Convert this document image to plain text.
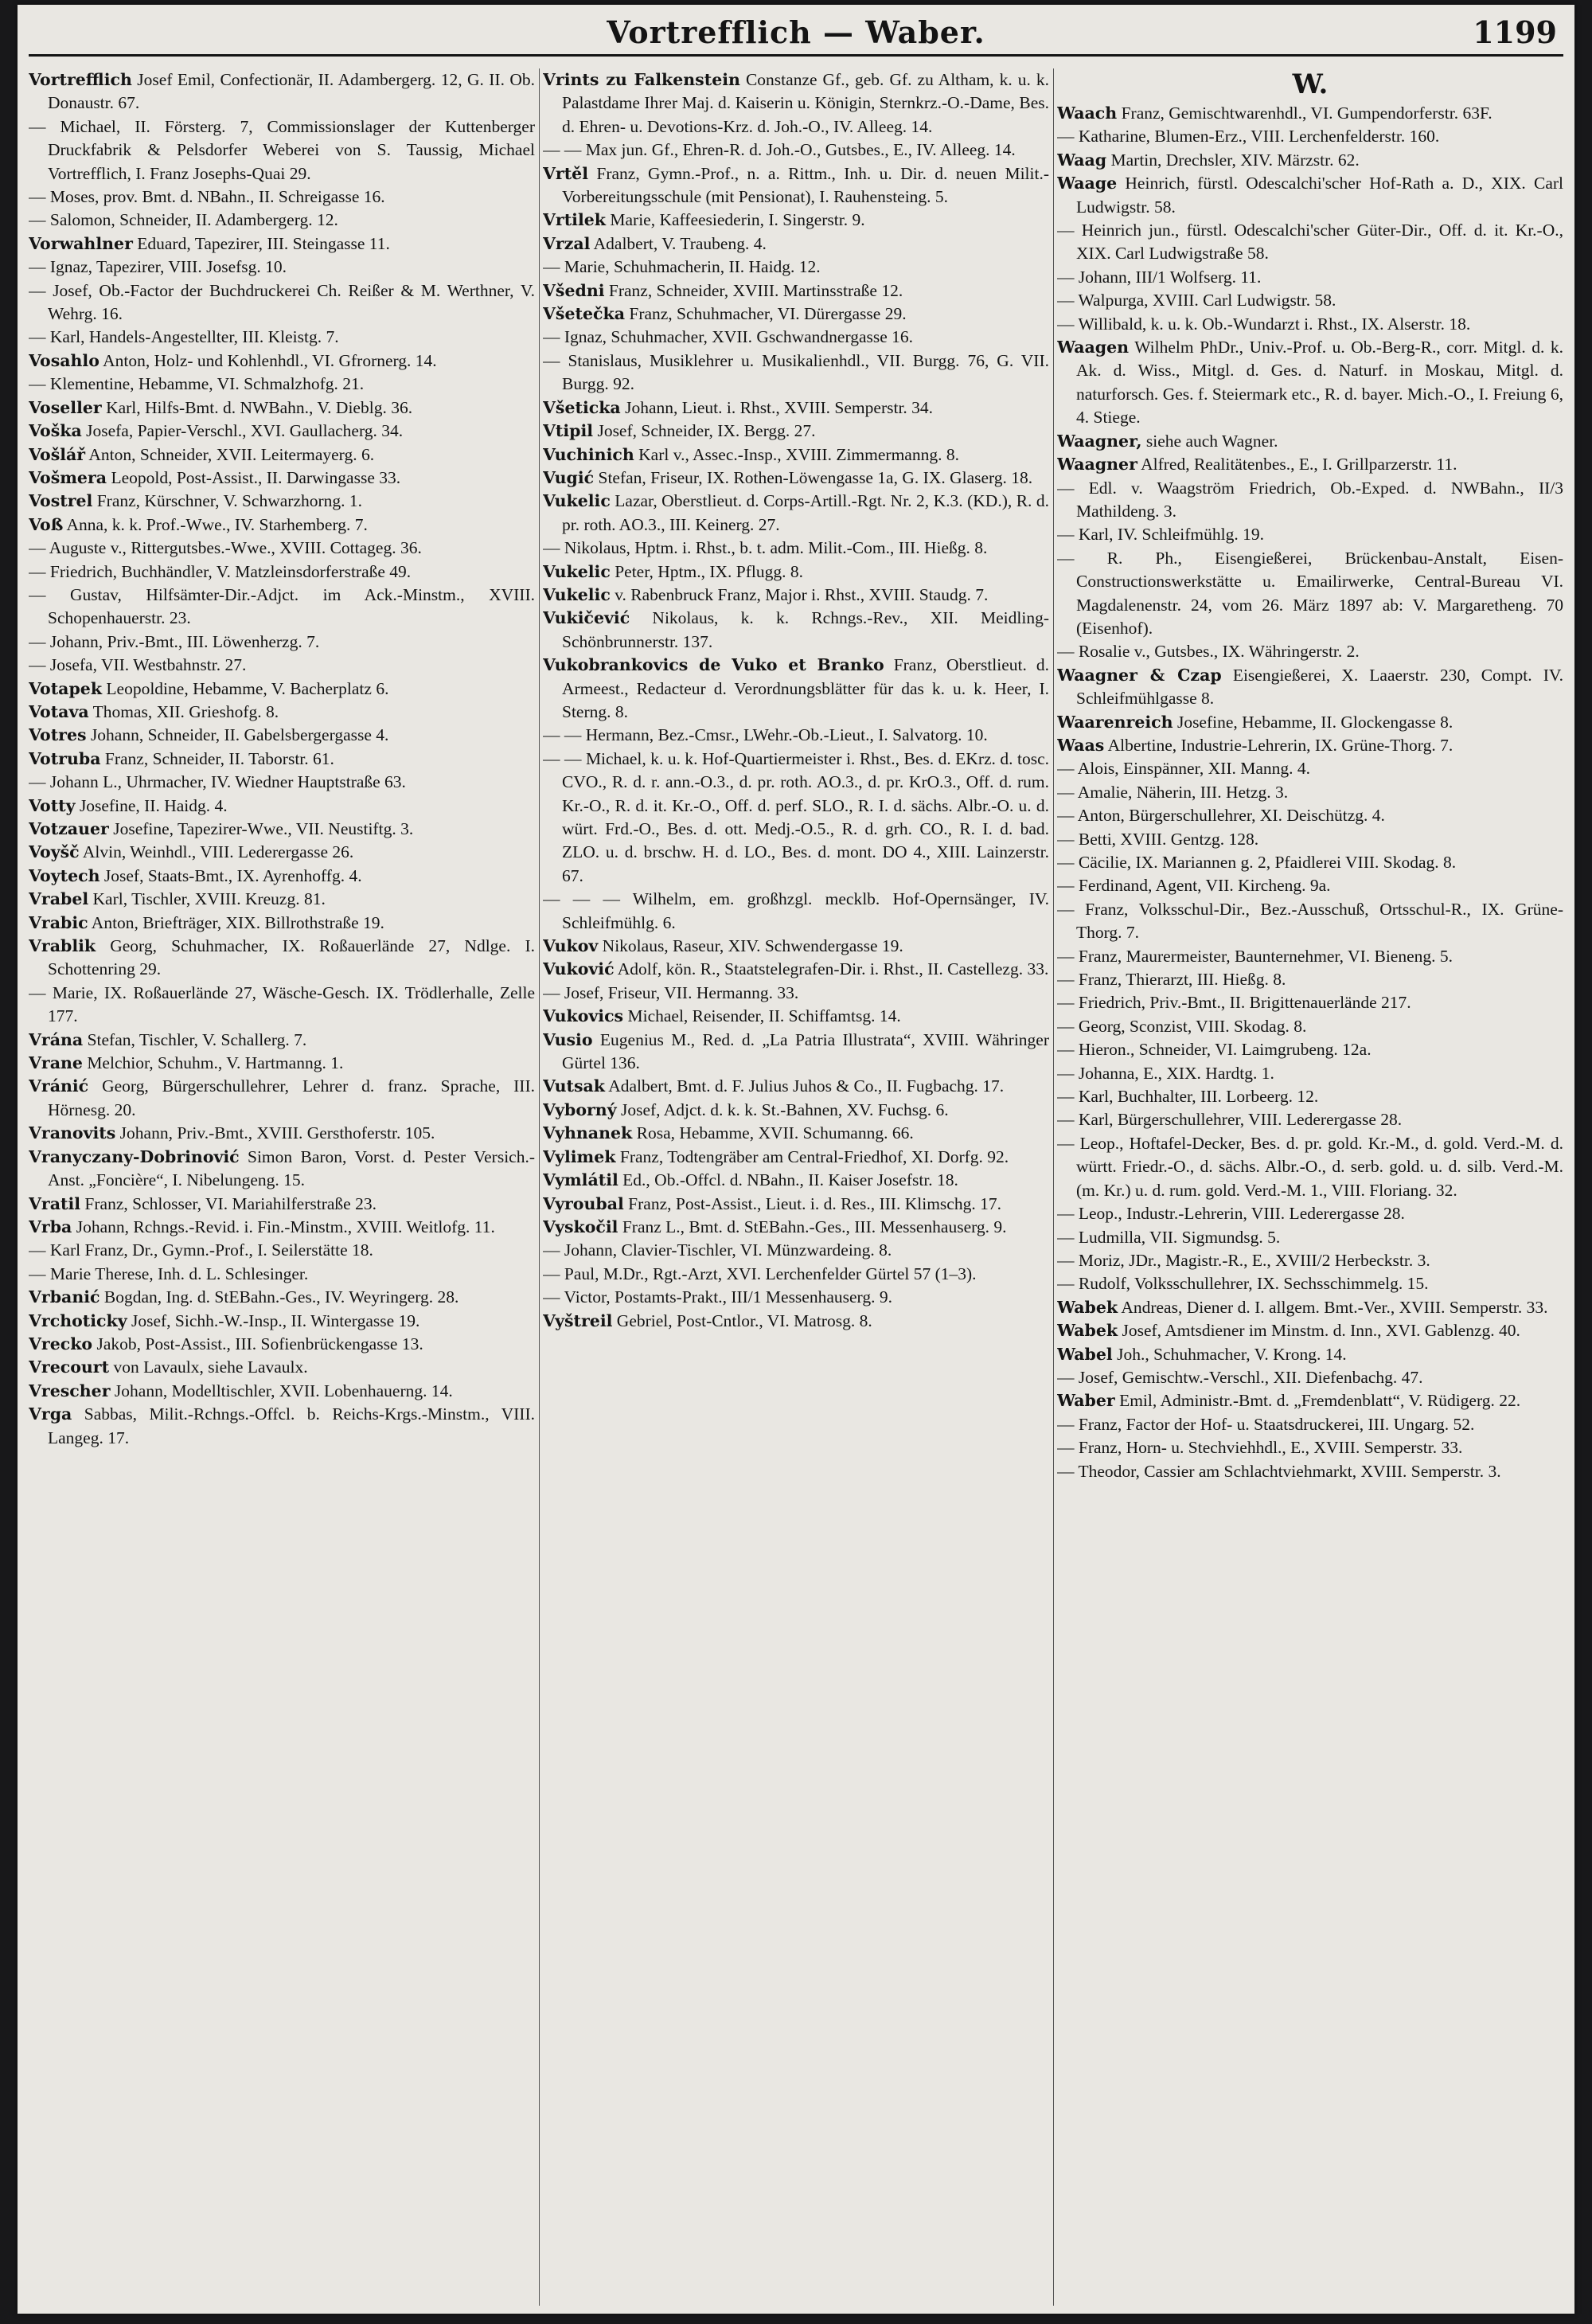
Vortrefflich — Waber.	1199

Vortrefflich Josef Emil, Confectionär, II. Adambergerg. 12, G. II. Ob. Donaustr. 67.

— Michael, II. Försterg. 7, Commissionslager der Kuttenberger Druckfabrik & Pelsdorfer Weberei von S. Taussig, Michael Vortrefflich, I. Franz Josephs-Quai 29.

— Moses, prov. Bmt. d. NBahn., II. Schreigasse 16.

— Salomon, Schneider, II. Adambergerg. 12.

Vorwahlner Eduard, Tapezirer, III. Steingasse 11.

— Ignaz, Tapezirer, VIII. Josefsg. 10.

— Josef, Ob.-Factor der Buchdruckerei Ch. Reißer & M. Werthner, V. Wehrg. 16.

— Karl, Handels-Angestellter, III. Kleistg. 7.

Vosahlo Anton, Holz- und Kohlenhdl., VI. Gfrornerg. 14.

— Klementine, Hebamme, VI. Schmalzhofg. 21.

Voseller Karl, Hilfs-Bmt. d. NWBahn., V. Dieblg. 36.

Voška Josefa, Papier-Verschl., XVI. Gaullacherg. 34.

Vošlář Anton, Schneider, XVII. Leitermayerg. 6.

Vošmera Leopold, Post-Assist., II. Darwingasse 33.

Vostrel Franz, Kürschner, V. Schwarzhorng. 1.

Voß Anna, k. k. Prof.-Wwe., IV. Starhemberg. 7.

— Auguste v., Rittergutsbes.-Wwe., XVIII. Cottageg. 36.

— Friedrich, Buchhändler, V. Matzleinsdorferstraße 49.

— Gustav, Hilfsämter-Dir.-Adjct. im Ack.-Minstm., XVIII. Schopenhauerstr. 23.

— Johann, Priv.-Bmt., III. Löwenherzg. 7.

— Josefa, VII. Westbahnstr. 27.

Votapek Leopoldine, Hebamme, V. Bacherplatz 6.

Votava Thomas, XII. Grieshofg. 8.

Votres Johann, Schneider, II. Gabelsbergergasse 4.

Votruba Franz, Schneider, II. Taborstr. 61.

— Johann L., Uhrmacher, IV. Wiedner Hauptstraße 63.

Votty Josefine, II. Haidg. 4.

Votzauer Josefine, Tapezirer-Wwe., VII. Neustiftg. 3.

Voyšč Alvin, Weinhdl., VIII. Lederergasse 26.

Voytech Josef, Staats-Bmt., IX. Ayrenhoffg. 4.

Vrabel Karl, Tischler, XVIII. Kreuzg. 81.

Vrabic Anton, Briefträger, XIX. Billrothstraße 19.

Vrablik Georg, Schuhmacher, IX. Roßauerlände 27, Ndlge. I. Schottenring 29.

— Marie, IX. Roßauerlände 27, Wäsche-Gesch. IX. Trödlerhalle, Zelle 177.

Vrána Stefan, Tischler, V. Schallerg. 7.

Vrane Melchior, Schuhm., V. Hartmanng. 1.

Vránić Georg, Bürgerschullehrer, Lehrer d. franz. Sprache, III. Hörnesg. 20.

Vranovits Johann, Priv.-Bmt., XVIII. Gersthoferstr. 105.

Vranyczany-Dobrinović Simon Baron, Vorst. d. Pester Versich.-Anst. „Foncière“, I. Nibelungeng. 15.

Vratil Franz, Schlosser, VI. Mariahilferstraße 23.

Vrba Johann, Rchngs.-Revid. i. Fin.-Minstm., XVIII. Weitlofg. 11.

— Karl Franz, Dr., Gymn.-Prof., I. Seilerstätte 18.

— Marie Therese, Inh. d. L. Schlesinger.

Vrbanić Bogdan, Ing. d. StEBahn.-Ges., IV. Weyringerg. 28.

Vrchoticky Josef, Sichh.-W.-Insp., II. Wintergasse 19.

Vrecko Jakob, Post-Assist., III. Sofienbrückengasse 13.

Vrecourt von Lavaulx, siehe Lavaulx.

Vrescher Johann, Modelltischler, XVII. Lobenhauerng. 14.

Vrga Sabbas, Milit.-Rchngs.-Offcl. b. Reichs-Krgs.-Minstm., VIII. Langeg. 17.

Vrints zu Falkenstein Constanze Gf., geb. Gf. zu Altham, k. u. k. Palastdame Ihrer Maj. d. Kaiserin u. Königin, Sternkrz.-O.-Dame, Bes. d. Ehren- u. Devotions-Krz. d. Joh.-O., IV. Alleeg. 14.

— — Max jun. Gf., Ehren-R. d. Joh.-O., Gutsbes., E., IV. Alleeg. 14.

Vrtěl Franz, Gymn.-Prof., n. a. Rittm., Inh. u. Dir. d. neuen Milit.-Vorbereitungsschule (mit Pensionat), I. Rauhensteing. 5.

Vrtilek Marie, Kaffeesiederin, I. Singerstr. 9.

Vrzal Adalbert, V. Traubeng. 4.

— Marie, Schuhmacherin, II. Haidg. 12.

Všedni Franz, Schneider, XVIII. Martinsstraße 12.

Všetečka Franz, Schuhmacher, VI. Dürergasse 29.

— Ignaz, Schuhmacher, XVII. Gschwandnergasse 16.

— Stanislaus, Musiklehrer u. Musikalienhdl., VII. Burgg. 76, G. VII. Burgg. 92.

Všeticka Johann, Lieut. i. Rhst., XVIII. Semperstr. 34.

Vtipil Josef, Schneider, IX. Bergg. 27.

Vuchinich Karl v., Assec.-Insp., XVIII. Zimmermanng. 8.

Vugić Stefan, Friseur, IX. Rothen-Löwengasse 1a, G. IX. Glaserg. 18.

Vukelic Lazar, Oberstlieut. d. Corps-Artill.-Rgt. Nr. 2, K.3. (KD.), R. d. pr. roth. AO.3., III. Keinerg. 27.

— Nikolaus, Hptm. i. Rhst., b. t. adm. Milit.-Com., III. Hießg. 8.

Vukelic Peter, Hptm., IX. Pflugg. 8.

Vukelic v. Rabenbruck Franz, Major i. Rhst., XVIII. Staudg. 7.

Vukičević Nikolaus, k. k. Rchngs.-Rev., XII. Meidling-Schönbrunnerstr. 137.

Vukobrankovics de Vuko et Branko Franz, Oberstlieut. d. Armeest., Redacteur d. Verordnungsblätter für das k. u. k. Heer, I. Sterng. 8.

— — Hermann, Bez.-Cmsr., LWehr.-Ob.-Lieut., I. Salvatorg. 10.

— — Michael, k. u. k. Hof-Quartiermeister i. Rhst., Bes. d. EKrz. d. tosc. CVO., R. d. r. ann.-O.3., d. pr. roth. AO.3., d. pr. KrO.3., Off. d. rum. Kr.-O., R. d. it. Kr.-O., Off. d. perf. SLO., R. I. d. sächs. Albr.-O. u. d. würt. Frd.-O., Bes. d. ott. Medj.-O.5., R. d. grh. CO., R. I. d. bad. ZLO. u. d. brschw. H. d. LO., Bes. d. mont. DO 4., XIII. Lainzerstr. 67.

— — — Wilhelm, em. großhzgl. mecklb. Hof-Opernsänger, IV. Schleifmühlg. 6.

Vukov Nikolaus, Raseur, XIV. Schwendergasse 19.

Vuković Adolf, kön. R., Staatstelegrafen-Dir. i. Rhst., II. Castellezg. 33.

— Josef, Friseur, VII. Hermanng. 33.

Vukovics Michael, Reisender, II. Schiffamtsg. 14.

Vusio Eugenius M., Red. d. „La Patria Illustrata“, XVIII. Währinger Gürtel 136.

Vutsak Adalbert, Bmt. d. F. Julius Juhos & Co., II. Fugbachg. 17.

Vyborný Josef, Adjct. d. k. k. St.-Bahnen, XV. Fuchsg. 6.

Vyhnanek Rosa, Hebamme, XVII. Schumanng. 66.

Vylimek Franz, Todtengräber am Central-Friedhof, XI. Dorfg. 92.

Vymlátil Ed., Ob.-Offcl. d. NBahn., II. Kaiser Josefstr. 18.

Vyroubal Franz, Post-Assist., Lieut. i. d. Res., III. Klimschg. 17.

Vyskočil Franz L., Bmt. d. StEBahn.-Ges., III. Messenhauserg. 9.

— Johann, Clavier-Tischler, VI. Münzwardeing. 8.

— Paul, M.Dr., Rgt.-Arzt, XVI. Lerchenfelder Gürtel 57 (1–3).

— Victor, Postamts-Prakt., III/1 Messenhauserg. 9.

Vyštreil Gebriel, Post-Cntlor., VI. Matrosg. 8.

W.

Waach Franz, Gemischtwarenhdl., VI. Gumpendorferstr. 63F.

— Katharine, Blumen-Erz., VIII. Lerchenfelderstr. 160.

Waag Martin, Drechsler, XIV. Märzstr. 62.

Waage Heinrich, fürstl. Odescalchi'scher Hof-Rath a. D., XIX. Carl Ludwigstr. 58.

— Heinrich jun., fürstl. Odescalchi'scher Güter-Dir., Off. d. it. Kr.-O., XIX. Carl Ludwigstraße 58.

— Johann, III/1 Wolfserg. 11.

— Walpurga, XVIII. Carl Ludwigstr. 58.

— Willibald, k. u. k. Ob.-Wundarzt i. Rhst., IX. Alserstr. 18.

Waagen Wilhelm PhDr., Univ.-Prof. u. Ob.-Berg-R., corr. Mitgl. d. k. Ak. d. Wiss., Mitgl. d. Ges. d. Naturf. in Moskau, Mitgl. d. naturforsch. Ges. f. Steiermark etc., R. d. bayer. Mich.-O., I. Freiung 6, 4. Stiege.

Waagner, siehe auch Wagner.

Waagner Alfred, Realitätenbes., E., I. Grillparzerstr. 11.

— Edl. v. Waagström Friedrich, Ob.-Exped. d. NWBahn., II/3 Mathildeng. 3.

— Karl, IV. Schleifmühlg. 19.

— R. Ph., Eisengießerei, Brückenbau-Anstalt, Eisen-Constructionswerkstätte u. Emailirwerke, Central-Bureau VI. Magdalenenstr. 24, vom 26. März 1897 ab: V. Margaretheng. 70 (Eisenhof).

— Rosalie v., Gutsbes., IX. Währingerstr. 2.

Waagner & Czap Eisengießerei, X. Laaerstr. 230, Compt. IV. Schleifmühlgasse 8.

Waarenreich Josefine, Hebamme, II. Glockengasse 8.

Waas Albertine, Industrie-Lehrerin, IX. Grüne-Thorg. 7.

— Alois, Einspänner, XII. Manng. 4.

— Amalie, Näherin, III. Hetzg. 3.

— Anton, Bürgerschullehrer, XI. Deischützg. 4.

— Betti, XVIII. Gentzg. 128.

— Cäcilie, IX. Mariannen g. 2, Pfaidlerei VIII. Skodag. 8.

— Ferdinand, Agent, VII. Kircheng. 9a.

— Franz, Volksschul-Dir., Bez.-Ausschuß, Ortsschul-R., IX. Grüne-Thorg. 7.

— Franz, Maurermeister, Baunternehmer, VI. Bieneng. 5.

— Franz, Thierarzt, III. Hießg. 8.

— Friedrich, Priv.-Bmt., II. Brigittenauerlände 217.

— Georg, Sconzist, VIII. Skodag. 8.

— Hieron., Schneider, VI. Laimgrubeng. 12a.

— Johanna, E., XIX. Hardtg. 1.

— Karl, Buchhalter, III. Lorbeerg. 12.

— Karl, Bürgerschullehrer, VIII. Lederergasse 28.

— Leop., Hoftafel-Decker, Bes. d. pr. gold. Kr.-M., d. gold. Verd.-M. d. württ. Friedr.-O., d. sächs. Albr.-O., d. serb. gold. u. d. silb. Verd.-M. (m. Kr.) u. d. rum. gold. Verd.-M. 1., VIII. Floriang. 32.

— Leop., Industr.-Lehrerin, VIII. Lederergasse 28.

— Ludmilla, VII. Sigmundsg. 5.

— Moriz, JDr., Magistr.-R., E., XVIII/2 Herbeckstr. 3.

— Rudolf, Volksschullehrer, IX. Sechsschimmelg. 15.

Wabek Andreas, Diener d. I. allgem. Bmt.-Ver., XVIII. Semperstr. 33.

Wabek Josef, Amtsdiener im Minstm. d. Inn., XVI. Gablenzg. 40.

Wabel Joh., Schuhmacher, V. Krong. 14.

— Josef, Gemischtw.-Verschl., XII. Diefenbachg. 47.

Waber Emil, Administr.-Bmt. d. „Fremdenblatt“, V. Rüdigerg. 22.

— Franz, Factor der Hof- u. Staatsdruckerei, III. Ungarg. 52.

— Franz, Horn- u. Stechviehhdl., E., XVIII. Semperstr. 33.

— Theodor, Cassier am Schlachtviehmarkt, XVIII. Semperstr. 3.
